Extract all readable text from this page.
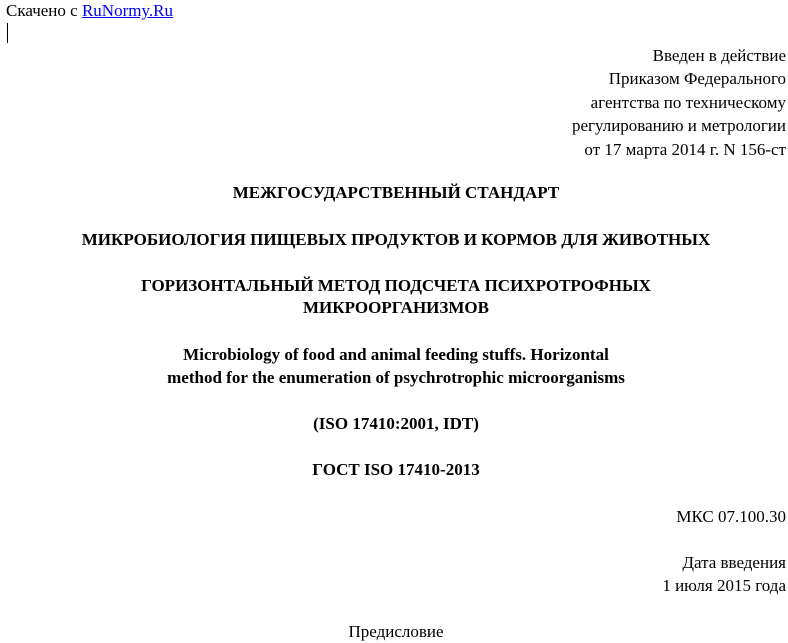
Скачено с RuNormy.Ru
Введен в действие
Приказом Федерального
агентства по техническому
регулированию и метрологии
от 17 марта 2014 г. N 156-ст
МЕЖГОСУДАРСТВЕННЫЙ СТАНДАРТ
МИКРОБИОЛОГИЯ ПИЩЕВЫХ ПРОДУКТОВ И КОРМОВ ДЛЯ ЖИВОТНЫХ
ГОРИЗОНТАЛЬНЫЙ МЕТОД ПОДСЧЕТА ПСИХРОТРОФНЫХ
МИКРООРГАНИЗМОВ
Microbiology of food and animal feeding stuffs. Horizontal
method for the enumeration of psychrotrophic microorganisms
(ISO 17410:2001, IDT)
ГОСТ ISO 17410-2013
МКС 07.100.30
Дата введения
1 июля 2015 года
Предисловие
